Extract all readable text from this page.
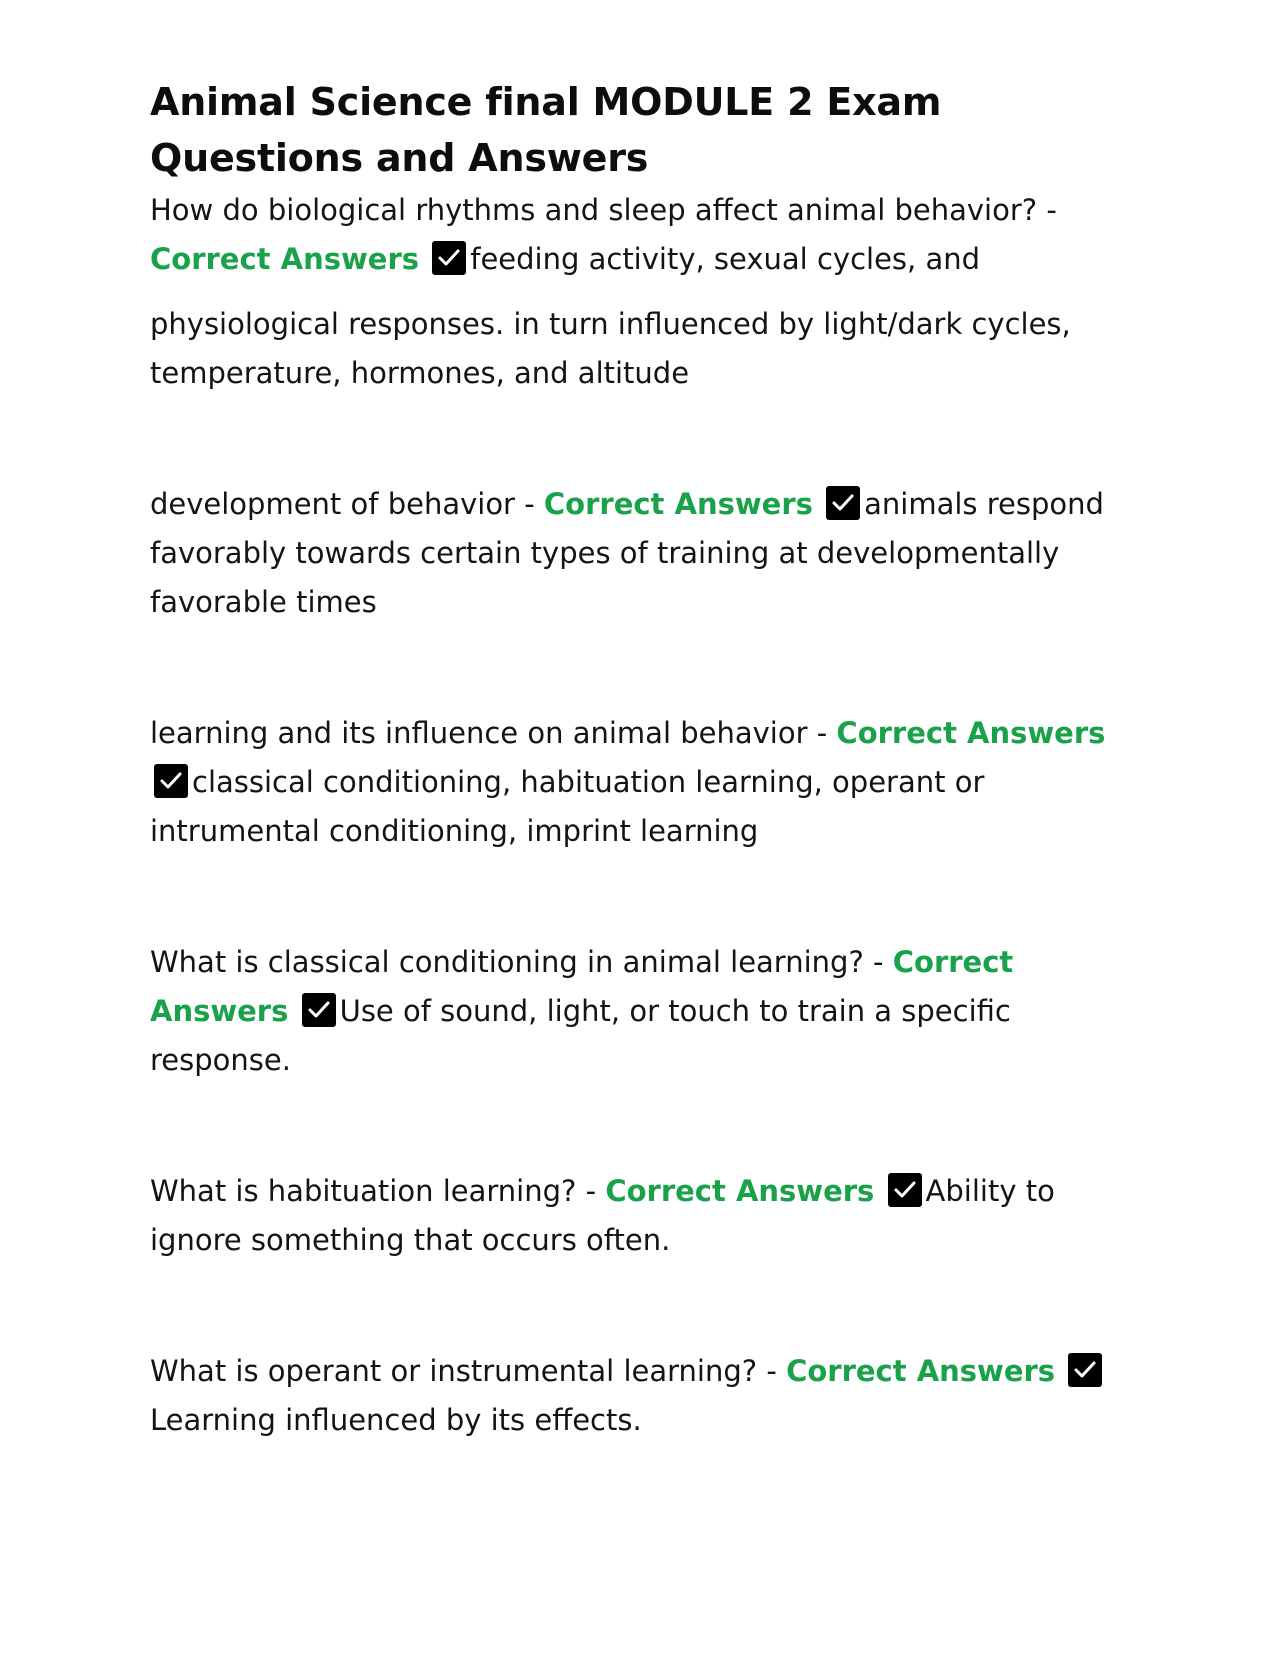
Animal Science final MODULE 2 Exam Questions and Answers

How do biological rhythms and sleep affect animal behavior? - Correct Answers feeding activity, sexual cycles, and
physiological responses. in turn influenced by light/dark cycles, temperature, hormones, and altitude

development of behavior - Correct Answers animals respond favorably towards certain types of training at developmentally favorable times

learning and its influence on animal behavior - Correct Answers
classical conditioning, habituation learning, operant or intrumental conditioning, imprint learning

What is classical conditioning in animal learning? - Correct Answers Use of sound, light, or touch to train a specific response.

What is habituation learning? - Correct Answers Ability to ignore something that occurs often.

What is operant or instrumental learning? - Correct Answers
Learning influenced by its effects.
